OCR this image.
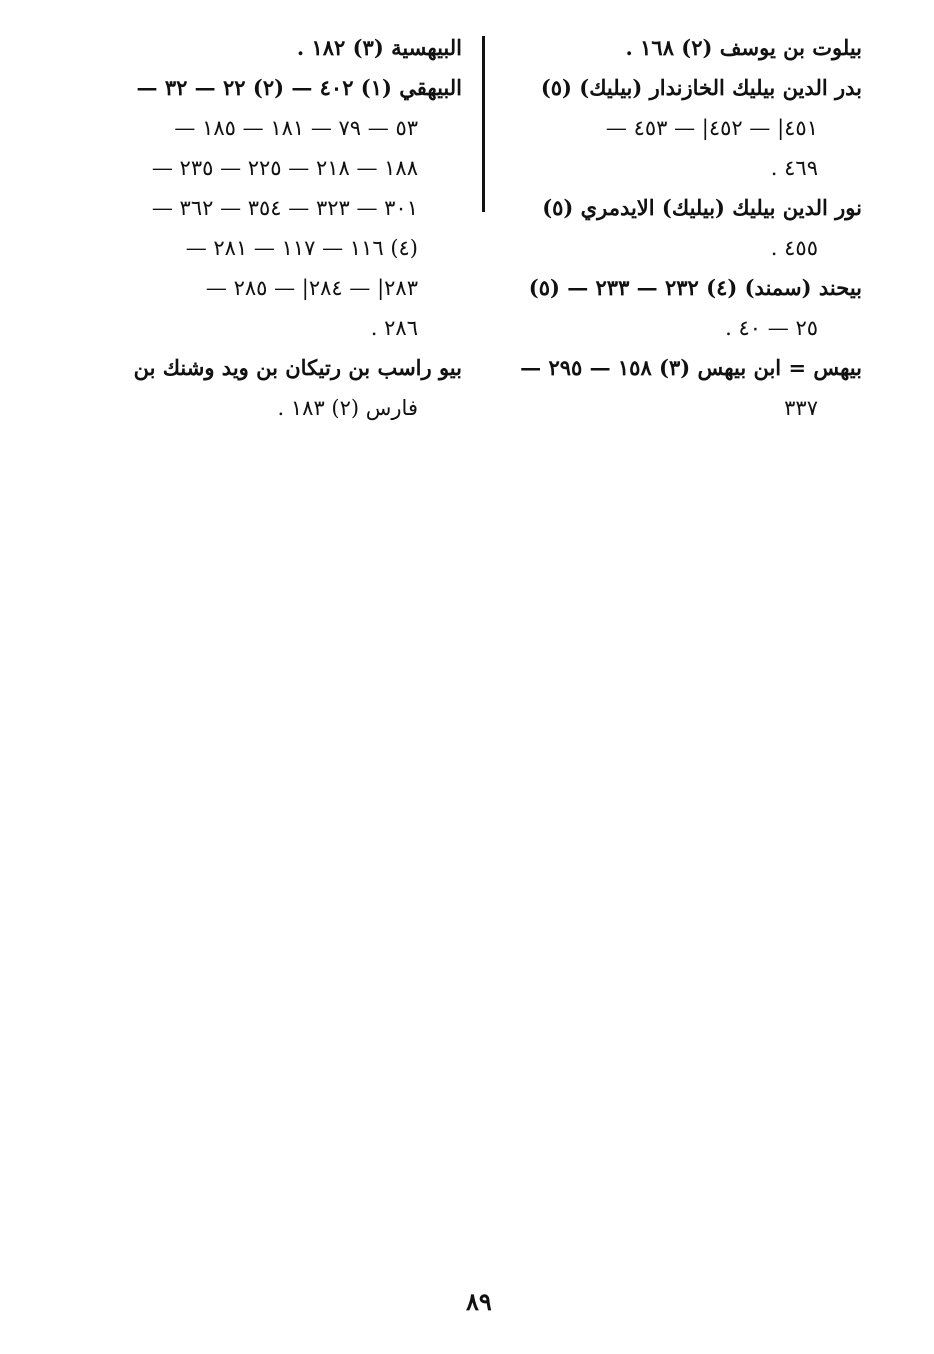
بيلوت بن يوسف (٢) ١٦٨ .
بدر الدين بيليك الخازندار (بيليك) (٥)
٤٥١| — ٤٥٢| — ٤٥٣ —
٤٦٩ .
نور الدين بيليك (بيليك) الايدمري (٥)
٤٥٥ .
بيحند (سمند) (٤) ٢٣٢ — ٢٣٣ — (٥)
٢٥ — ٤٠ .
بيهس = ابن بيهس (٣) ١٥٨ — ٢٩٥ —
٣٣٧
البيهسية (٣) ١٨٢ .
البيهقي (١) ٤٠٢ — (٢) ٢٢ — ٣٢ —
٥٣ — ٧٩ — ١٨١ — ١٨٥ —
١٨٨ — ٢١٨ — ٢٢٥ — ٢٣٥ —
٣٠١ — ٣٢٣ — ٣٥٤ — ٣٦٢ —
(٤) ١١٦ — ١١٧ — ٢٨١ —
٢٨٣| — ٢٨٤| — ٢٨٥ —
٢٨٦ .
بيو راسب بن رتيكان بن ويد وشنك بن
فارس (٢) ١٨٣ .
٨٩
